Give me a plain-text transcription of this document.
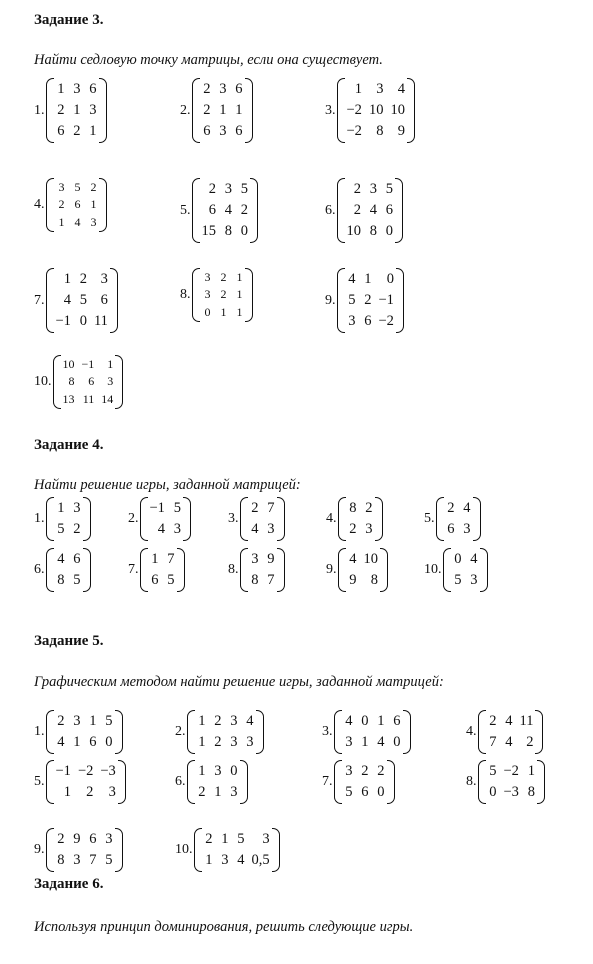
Задание 3.
Найти седловую точку матрицы, если она существует.
1.
1 3 6
2 1 3
6 2 1
2.
2 3 6
2 1 1
6 3 6
3.
1 3 4
−2 10 10
−2 8 9
4.
3 5 2
2 6 1
1 4 3
5.
2 3 5
6 4 2
15 8 0
6.
2 3 5
2 4 6
10 8 0
7.
1 2 3
4 5 6
−1 0 11
8.
3 2 1
3 2 1
0 1 1
9.
4 1	0
5 2 −1
3 6 −2
10.
10 −1	1
8	6	3
13 11 14
Задание 4.
Найти решение игры, заданной матрицей:
1.
1 3
5 2
2.
−1 5
4 3
3.
2 7
4 3
4.
8 2
2 3
5.
2 4
6 3
6.
4 6
8 5
7.
1 7
6 5
8.
3 9
8 7
9.
4 10
9 8
10.
0 4
5 3
Задание 5.
Графическим методом найти решение игры, заданной матрицей:
1.
2 3 1 5
4 1 6 0
2.
1 2 3 4
1 2 3 3
3.
4 0 1 6
3 1 4 0
4.
2 4 11
7 4 2
5.
−1 −2 −3
1	2	3
6.
1 3 0
2 1 3
7.
3 2 2
5 6 0
8.
5 −2 1
0 −3 8
9.
2 9 6 3
8 3 7 5
10.
2 1 5	3
1 3 4 0,5
Задание 6.
Используя принцип доминирования, решить следующие игры.
